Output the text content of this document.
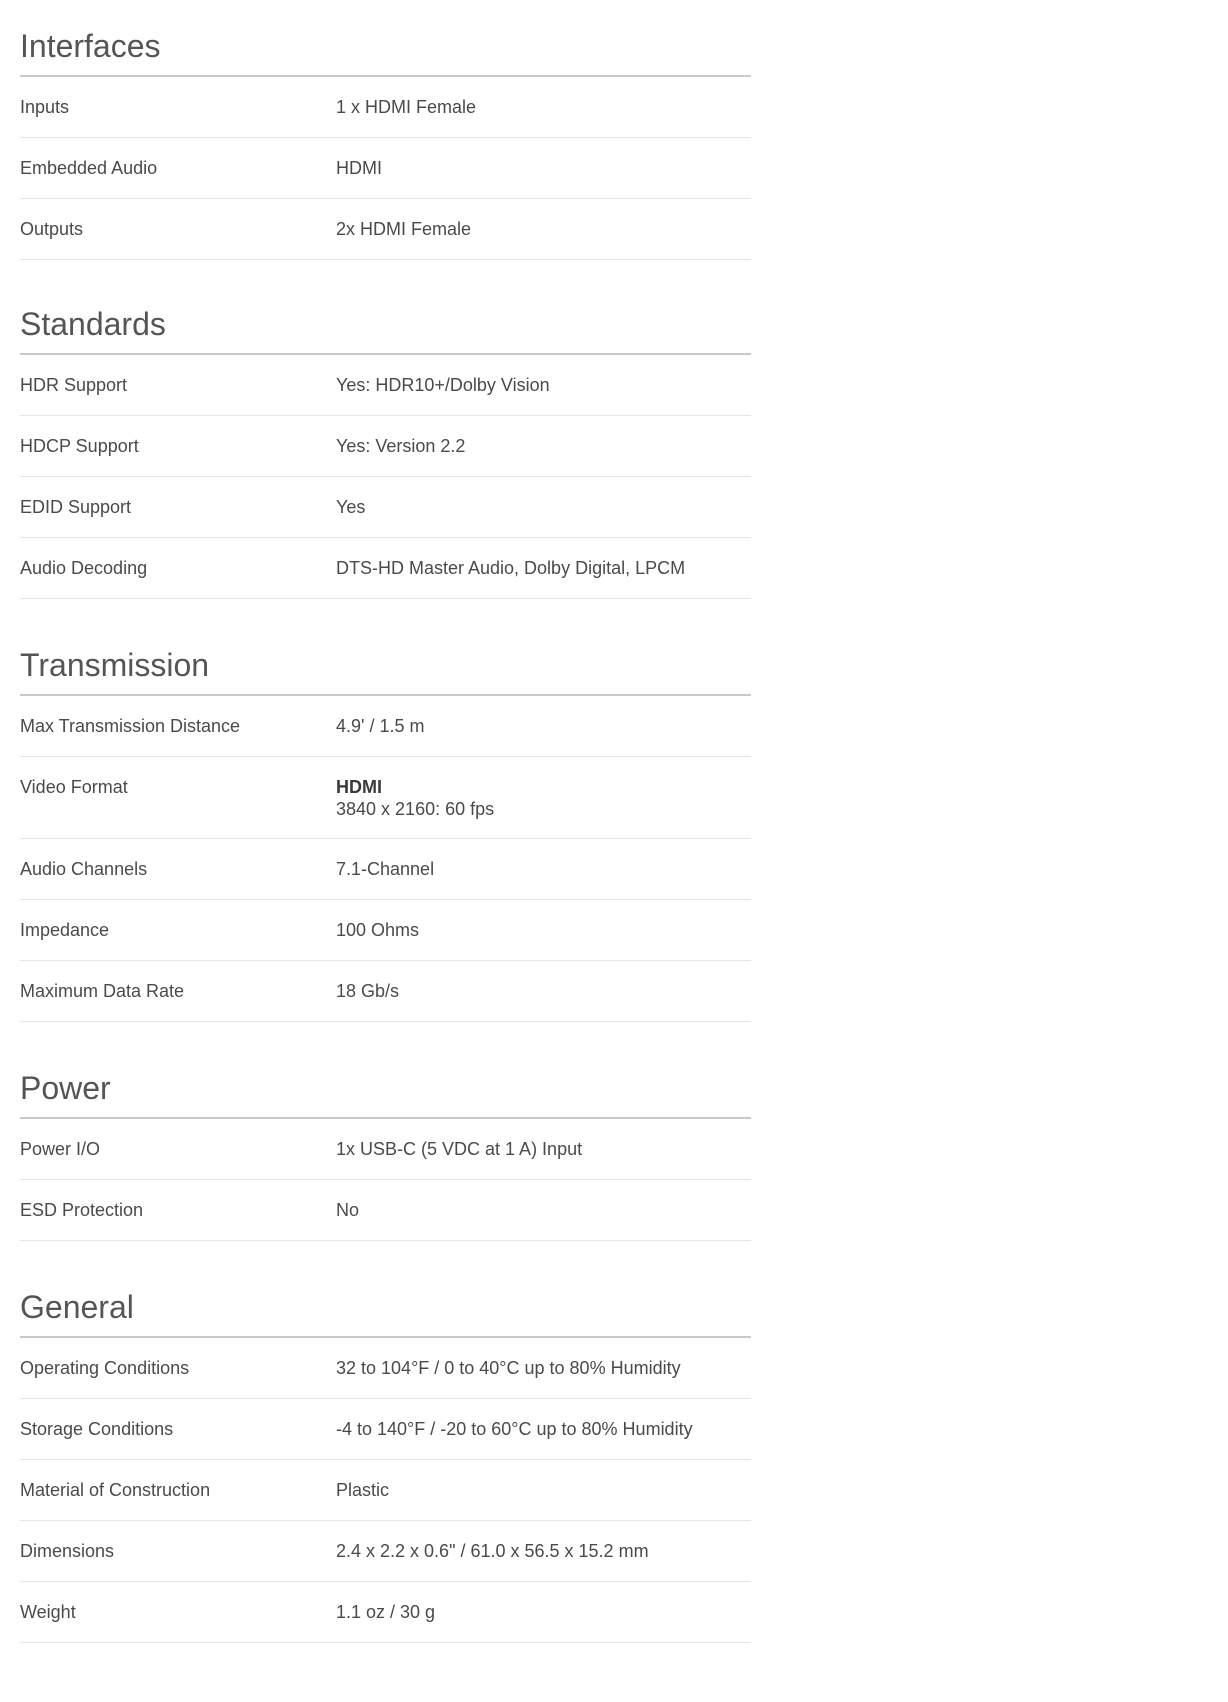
Interfaces
Inputs	1 x HDMI Female
Embedded Audio	HDMI
Outputs	2x HDMI Female
Standards
HDR Support	Yes: HDR10+/Dolby Vision
HDCP Support	Yes: Version 2.2
EDID Support	Yes
Audio Decoding	DTS-HD Master Audio, Dolby Digital, LPCM
Transmission
Max Transmission Distance	4.9' / 1.5 m
Video Format	HDMI
3840 x 2160: 60 fps
Audio Channels	7.1-Channel
Impedance	100 Ohms
Maximum Data Rate	18 Gb/s
Power
Power I/O	1x USB-C (5 VDC at 1 A) Input
ESD Protection	No
General
Operating Conditions	32 to 104°F / 0 to 40°C up to 80% Humidity
Storage Conditions	-4 to 140°F / -20 to 60°C up to 80% Humidity
Material of Construction	Plastic
Dimensions	2.4 x 2.2 x 0.6" / 61.0 x 56.5 x 15.2 mm
Weight	1.1 oz / 30 g
